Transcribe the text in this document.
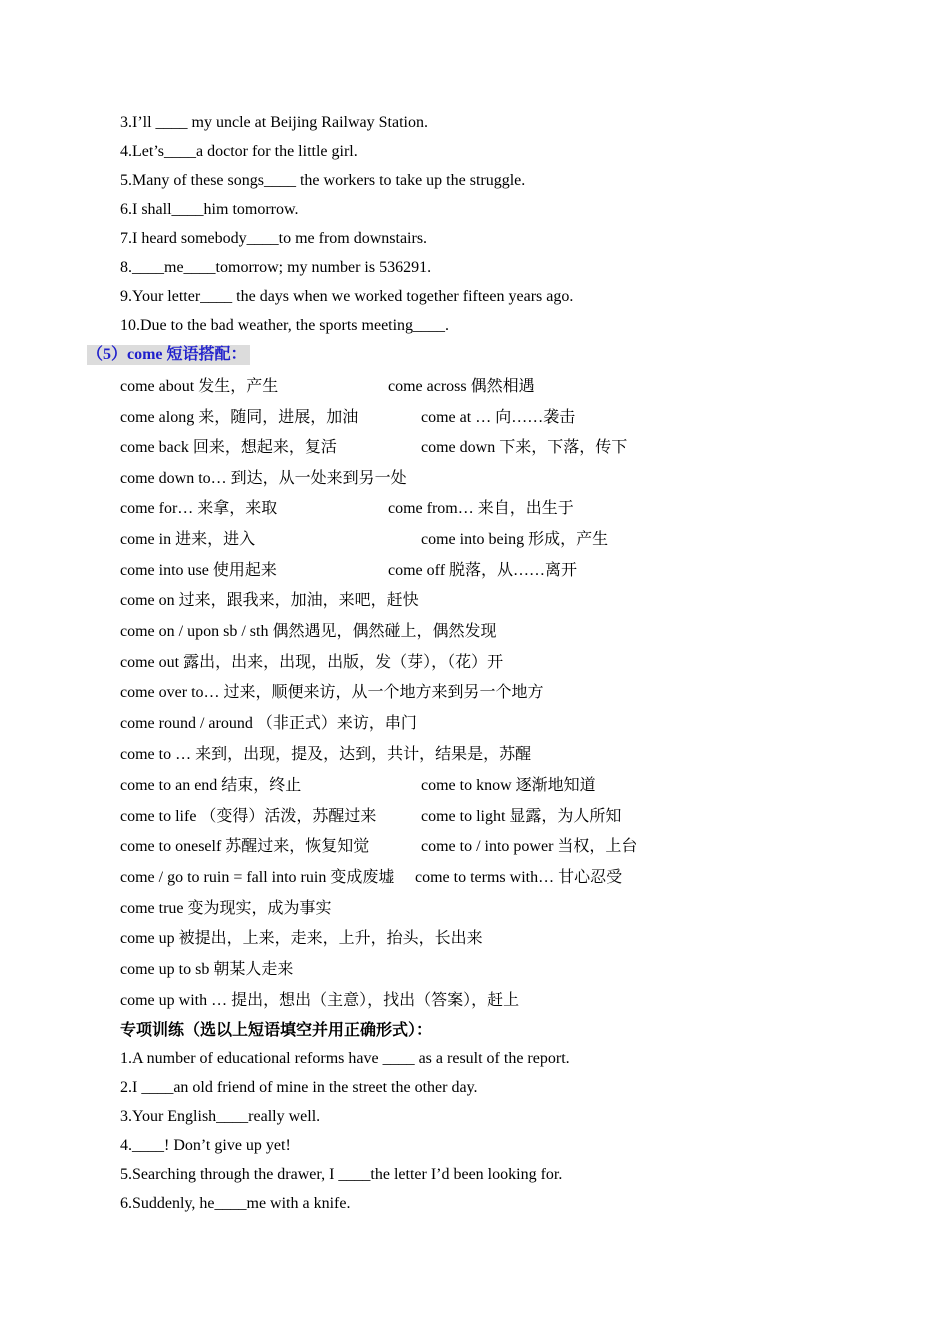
3.I’ll ____ my uncle at Beijing Railway Station.
4.Let’s____a doctor for the little girl.
5.Many of these songs____ the workers to take up the struggle.
6.I shall____him tomorrow.
7.I heard somebody____to me from downstairs.
8.____me____tomorrow; my number is 536291.
9.Your letter____ the days when we worked together fifteen years ago.
10.Due to the bad weather, the sports meeting____.
（5）come 短语搭配：
come about 发生，产生	come across 偶然相遇
come along 来，随同，进展，加油	come at … 向……袭击
come back 回来，想起来，复活	come down 下来，下落，传下
come down to… 到达，从一处来到另一处
come for… 来拿，来取	come from… 来自，出生于
come in 进来，进入	come into being 形成，产生
come into use 使用起来	come off 脱落，从……离开
come on 过来，跟我来，加油，来吧，赶快
come on / upon sb / sth 偶然遇见，偶然碰上，偶然发现
come out 露出，出来，出现，出版，发（芽），（花）开
come over to… 过来，顺便来访，从一个地方来到另一个地方
come round / around （非正式）来访，串门
come to … 来到，出现，提及，达到，共计，结果是，苏醒
come to an end 结束，终止	come to know 逐渐地知道
come to life （变得）活泼，苏醒过来	come to light 显露，为人所知
come to oneself 苏醒过来，恢复知觉	come to / into power 当权，上台
come / go to ruin = fall into ruin 变成废墟 come to terms with… 甘心忍受
come true 变为现实，成为事实
come up 被提出，上来，走来，上升，抬头，长出来
come up to sb 朝某人走来
come up with … 提出，想出（主意），找出（答案），赶上
专项训练（选以上短语填空并用正确形式）：
1.A number of educational reforms have ____ as a result of the report.
2.I ____an old friend of mine in the street the other day.
3.Your English____really well.
4.____! Don’t give up yet!
5.Searching through the drawer, I ____the letter I’d been looking for.
6.Suddenly, he____me with a knife.
